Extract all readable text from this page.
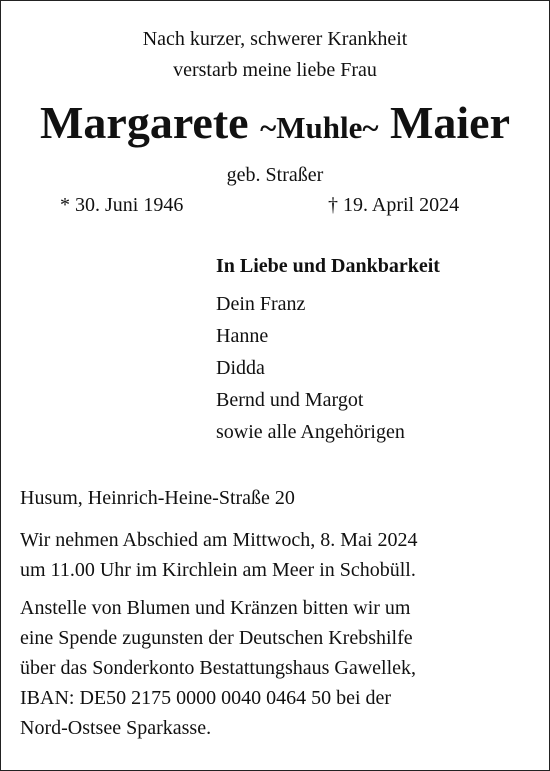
Nach kurzer, schwerer Krankheit
verstarb meine liebe Frau
Margarete ~Muhle~ Maier
geb. Straßer
* 30. Juni 1946	† 19. April 2024
In Liebe und Dankbarkeit
Dein Franz
Hanne
Didda
Bernd und Margot
sowie alle Angehörigen
Husum, Heinrich-Heine-Straße 20
Wir nehmen Abschied am Mittwoch, 8. Mai 2024
um 11.00 Uhr im Kirchlein am Meer in Schobüll.
Anstelle von Blumen und Kränzen bitten wir um
eine Spende zugunsten der Deutschen Krebshilfe
über das Sonderkonto Bestattungshaus Gawellek,
IBAN: DE50 2175 0000 0040 0464 50 bei der
Nord-Ostsee Sparkasse.
